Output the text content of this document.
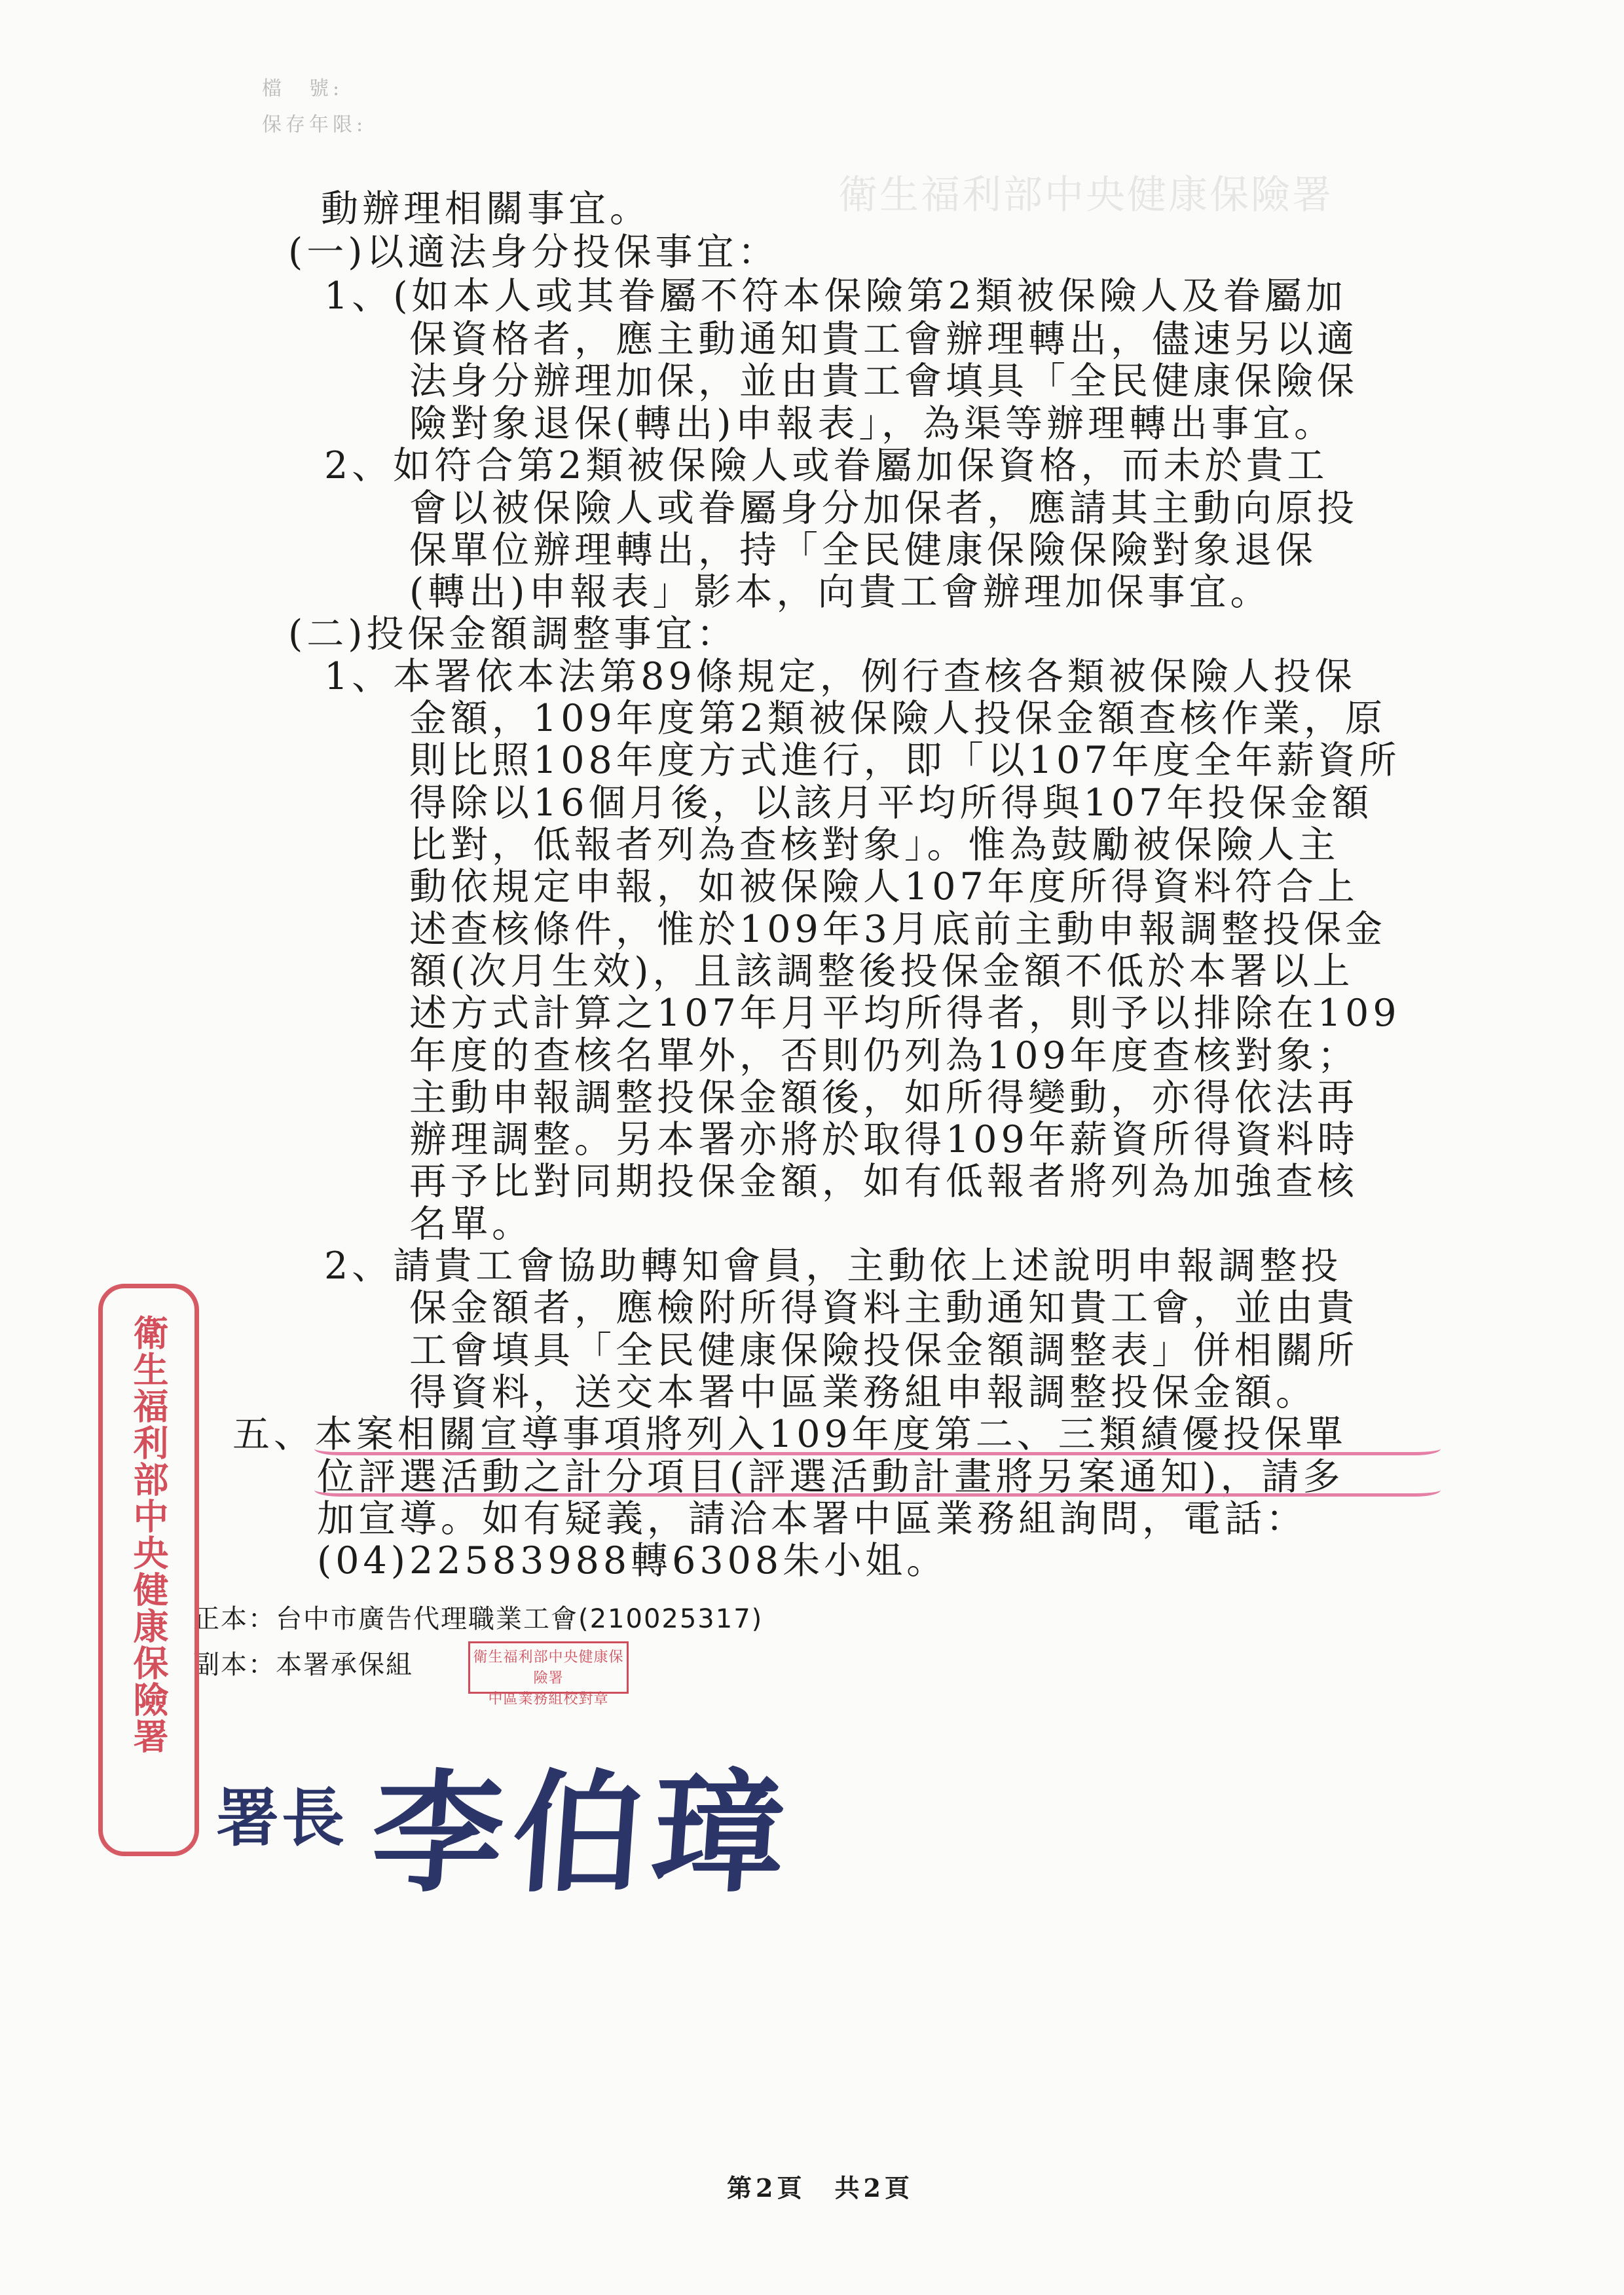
檔　號:
保存年限:
衛生福利部中央健康保險署
動辦理相關事宜。
(一)以適法身分投保事宜：
1、(如本人或其眷屬不符本保險第2類被保險人及眷屬加
保資格者，應主動通知貴工會辦理轉出，儘速另以適
法身分辦理加保，並由貴工會填具「全民健康保險保
險對象退保(轉出)申報表」，為渠等辦理轉出事宜。
2、如符合第2類被保險人或眷屬加保資格，而未於貴工
會以被保險人或眷屬身分加保者，應請其主動向原投
保單位辦理轉出，持「全民健康保險保險對象退保
(轉出)申報表」影本，向貴工會辦理加保事宜。
(二)投保金額調整事宜：
1、本署依本法第89條規定，例行查核各類被保險人投保
金額，109年度第2類被保險人投保金額查核作業，原
則比照108年度方式進行，即「以107年度全年薪資所
得除以16個月後，以該月平均所得與107年投保金額
比對，低報者列為查核對象」。惟為鼓勵被保險人主
動依規定申報，如被保險人107年度所得資料符合上
述查核條件，惟於109年3月底前主動申報調整投保金
額(次月生效)，且該調整後投保金額不低於本署以上
述方式計算之107年月平均所得者，則予以排除在109
年度的查核名單外，否則仍列為109年度查核對象；
主動申報調整投保金額後，如所得變動，亦得依法再
辦理調整。另本署亦將於取得109年薪資所得資料時
再予比對同期投保金額，如有低報者將列為加強查核
名單。
2、請貴工會協助轉知會員，主動依上述說明申報調整投
保金額者，應檢附所得資料主動通知貴工會，並由貴
工會填具「全民健康保險投保金額調整表」併相關所
得資料，送交本署中區業務組申報調整投保金額。
五、本案相關宣導事項將列入109年度第二、三類績優投保單
位評選活動之計分項目(評選活動計畫將另案通知)，請多
加宣導。如有疑義，請洽本署中區業務組詢問，電話：
(04)22583988轉6308朱小姐。
正本：台中市廣告代理職業工會(210025317)
副本：本署承保組	衛生福利部中央健康保險署
中區業務組校對章
衛生福利部中央健康保險署
署長 李伯璋
第2頁　共2頁
